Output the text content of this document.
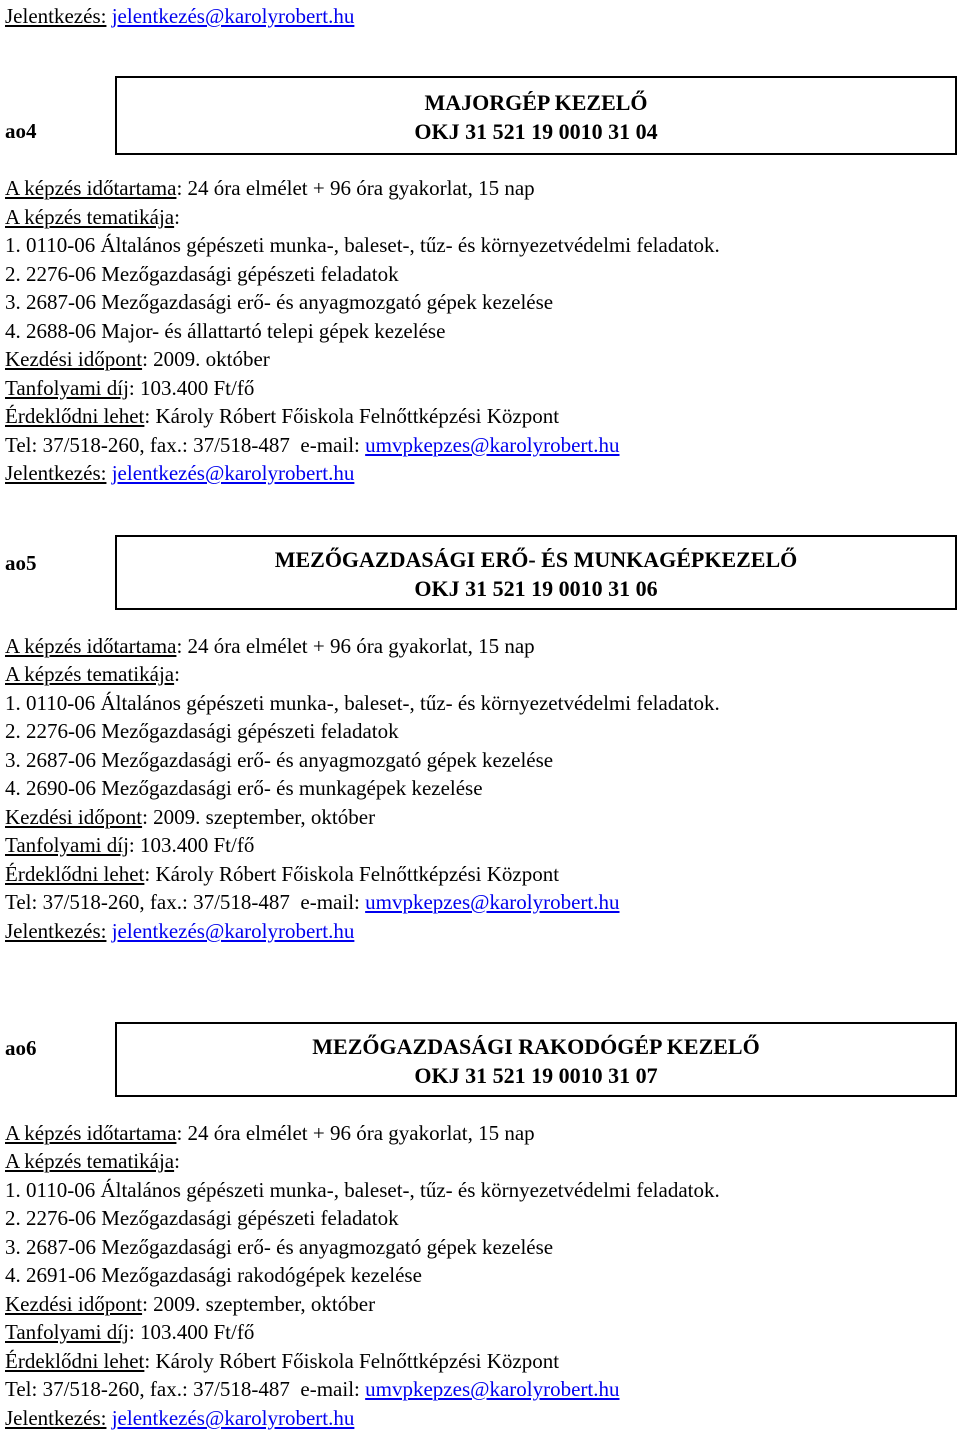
Jelentkezés: jelentkezés@karolyrobert.hu
ao4
MAJORGÉP KEZELŐ
OKJ 31 521 19 0010 31 04
A képzés időtartama: 24 óra elmélet + 96 óra gyakorlat, 15 nap
A képzés tematikája:
1. 0110-06 Általános gépészeti munka-, baleset-, tűz- és környezetvédelmi feladatok.
2. 2276-06 Mezőgazdasági gépészeti feladatok
3. 2687-06 Mezőgazdasági erő- és anyagmozgató gépek kezelése
4. 2688-06 Major- és állattartó telepi gépek kezelése
Kezdési időpont: 2009. október
Tanfolyami díj: 103.400 Ft/fő
Érdeklődni lehet: Károly Róbert Főiskola Felnőttképzési Központ
Tel: 37/518-260, fax.: 37/518-487  e-mail: umvpkepzes@karolyrobert.hu
Jelentkezés: jelentkezés@karolyrobert.hu
ao5	MEZŐGAZDASÁGI ERŐ- ÉS MUNKAGÉPKEZELŐ
OKJ 31 521 19 0010 31 06
A képzés időtartama: 24 óra elmélet + 96 óra gyakorlat, 15 nap
A képzés tematikája:
1. 0110-06 Általános gépészeti munka-, baleset-, tűz- és környezetvédelmi feladatok.
2. 2276-06 Mezőgazdasági gépészeti feladatok
3. 2687-06 Mezőgazdasági erő- és anyagmozgató gépek kezelése
4. 2690-06 Mezőgazdasági erő- és munkagépek kezelése
Kezdési időpont: 2009. szeptember, október
Tanfolyami díj: 103.400 Ft/fő
Érdeklődni lehet: Károly Róbert Főiskola Felnőttképzési Központ
Tel: 37/518-260, fax.: 37/518-487  e-mail: umvpkepzes@karolyrobert.hu
Jelentkezés: jelentkezés@karolyrobert.hu
ao6	MEZŐGAZDASÁGI RAKODÓGÉP KEZELŐ
OKJ 31 521 19 0010 31 07
A képzés időtartama: 24 óra elmélet + 96 óra gyakorlat, 15 nap
A képzés tematikája:
1. 0110-06 Általános gépészeti munka-, baleset-, tűz- és környezetvédelmi feladatok.
2. 2276-06 Mezőgazdasági gépészeti feladatok
3. 2687-06 Mezőgazdasági erő- és anyagmozgató gépek kezelése
4. 2691-06 Mezőgazdasági rakodógépek kezelése
Kezdési időpont: 2009. szeptember, október
Tanfolyami díj: 103.400 Ft/fő
Érdeklődni lehet: Károly Róbert Főiskola Felnőttképzési Központ
Tel: 37/518-260, fax.: 37/518-487  e-mail: umvpkepzes@karolyrobert.hu
Jelentkezés: jelentkezés@karolyrobert.hu
